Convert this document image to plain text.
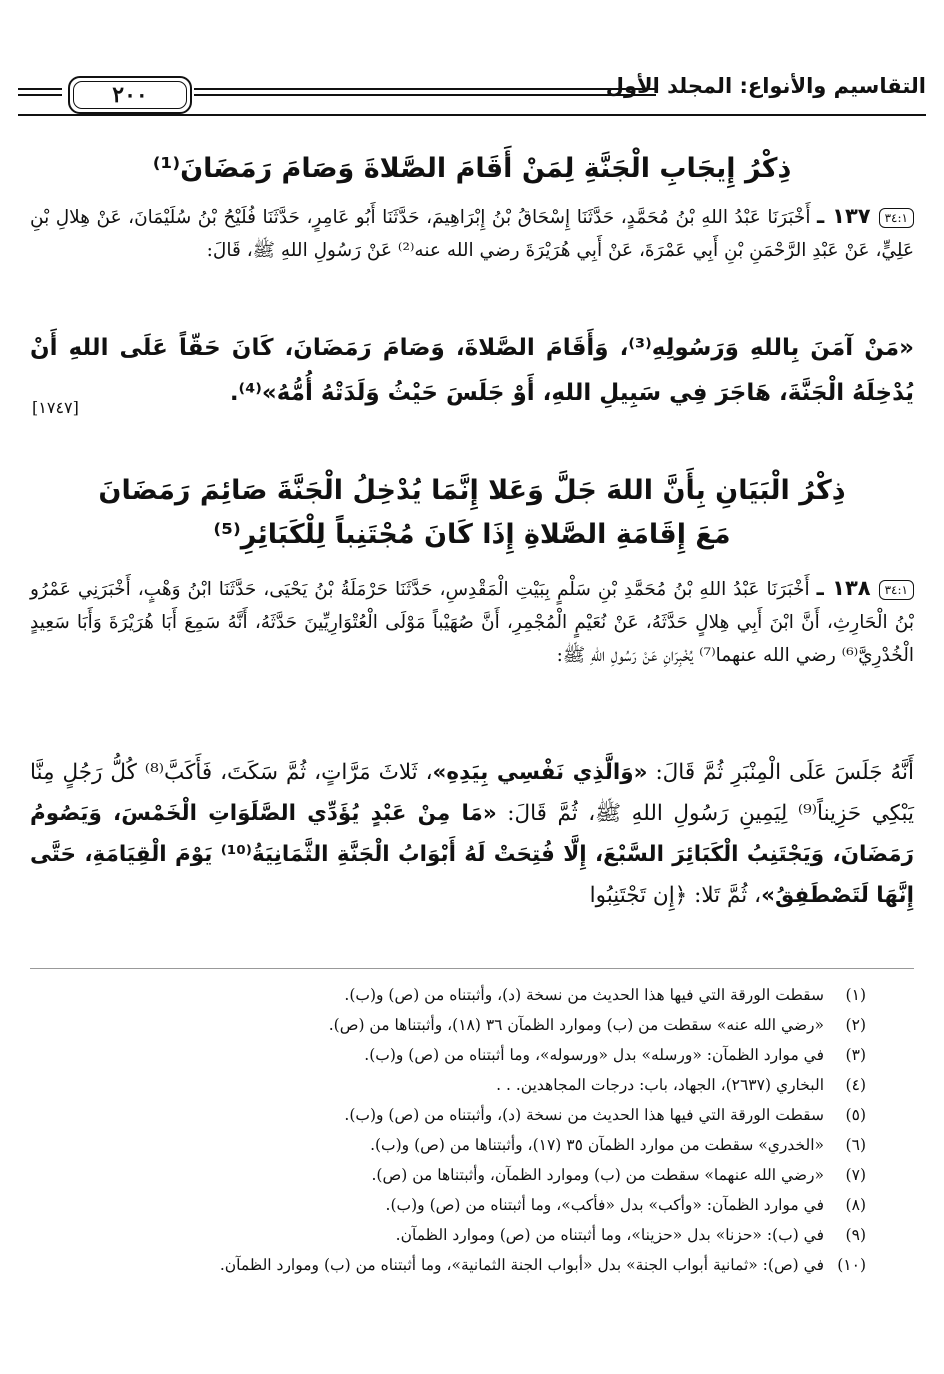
التقاسيم والأنواع: المجلد الأول
٢٠٠
ذِكْرُ إِيجَابِ الْجَنَّةِ لِمَنْ أَقَامَ الصَّلاةَ وَصَامَ رَمَضَانَ⁽¹⁾
٣٤:١١٣٧ ـ أَخْبَرَنَا عَبْدُ اللهِ بْنُ مُحَمَّدٍ، حَدَّثَنَا إِسْحَاقُ بْنُ إِبْرَاهِيمَ، حَدَّثَنَا أَبُو عَامِرٍ، حَدَّثَنَا فُلَيْحُ بْنُ سُلَيْمَانَ، عَنْ هِلالِ بْنِ عَلِيٍّ، عَنْ عَبْدِ الرَّحْمَنِ بْنِ أَبِي عَمْرَةَ، عَنْ أَبِي هُرَيْرَةَ رضي الله عنه⁽²⁾ عَنْ رَسُولِ اللهِ ﷺ، قَالَ:
«مَنْ آمَنَ بِاللهِ وَرَسُولِهِ⁽³⁾، وَأَقَامَ الصَّلاةَ، وَصَامَ رَمَضَانَ، كَانَ حَقّاً عَلَى اللهِ أَنْ يُدْخِلَهُ الْجَنَّةَ، هَاجَرَ فِي سَبِيلِ اللهِ، أَوْ جَلَسَ حَيْثُ وَلَدَتْهُ أُمُّهُ»⁽⁴⁾.
[١٧٤٧]
ذِكْرُ الْبَيَانِ بِأَنَّ اللهَ جَلَّ وَعَلا إِنَّمَا يُدْخِلُ الْجَنَّةَ صَائِمَ رَمَضَانَ
مَعَ إِقَامَةِ الصَّلاةِ إِذَا كَانَ مُجْتَنِباً لِلْكَبَائِرِ⁽⁵⁾
٣٤:١١٣٨ ـ أَخْبَرَنَا عَبْدُ اللهِ بْنُ مُحَمَّدِ بْنِ سَلْمٍ بِبَيْتِ الْمَقْدِسِ، حَدَّثَنَا حَرْمَلَةُ بْنُ يَحْيَى، حَدَّثَنَا ابْنُ وَهْبٍ، أَخْبَرَنِي عَمْرُو بْنُ الْحَارِثِ، أَنَّ ابْنَ أَبِي هِلالٍ حَدَّثَهُ، عَنْ نُعَيْمٍ الْمُجْمِرِ، أَنَّ صُهَيْباً مَوْلَى الْعُتْوَارِيِّينَ حَدَّثَهُ، أَنَّهُ سَمِعَ أَبَا هُرَيْرَةَ وَأَبَا سَعِيدٍ الْخُدْرِيَّ⁽⁶⁾ رضي الله عنهما⁽⁷⁾ يُخْبِرَانِ عَنْ رَسُولِ اللهِ ﷺ:
أَنَّهُ جَلَسَ عَلَى الْمِنْبَرِ ثُمَّ قَالَ: «وَالَّذِي نَفْسِي بِيَدِهِ»، ثَلاثَ مَرَّاتٍ، ثُمَّ سَكَتَ، فَأَكَبَّ⁽⁸⁾ كُلُّ رَجُلٍ مِنَّا يَبْكِي حَزِيناً⁽⁹⁾ لِيَمِينِ رَسُولِ اللهِ ﷺ، ثُمَّ قَالَ: «مَا مِنْ عَبْدٍ يُؤَدِّي الصَّلَوَاتِ الْخَمْسَ، وَيَصُومُ رَمَضَانَ، وَيَجْتَنِبُ الْكَبَائِرَ السَّبْعَ، إِلَّا فُتِحَتْ لَهُ أَبْوَابُ الْجَنَّةِ الثَّمَانِيَةُ⁽¹⁰⁾ يَوْمَ الْقِيَامَةِ، حَتَّى إِنَّهَا لَتَصْطَفِقُ»، ثُمَّ تَلا: ﴿إِن تَجْتَنِبُوا
(١)سقطت الورقة التي فيها هذا الحديث من نسخة (د)، وأثبتناه من (ص) و(ب).
(٢)«رضي الله عنه» سقطت من (ب) وموارد الظمآن ٣٦ (١٨)، وأثبتناها من (ص).
(٣)في موارد الظمآن: «ورسله» بدل «ورسوله»، وما أثبتناه من (ص) و(ب).
(٤)البخاري (٢٦٣٧)، الجهاد، باب: درجات المجاهدين. . .
(٥)سقطت الورقة التي فيها هذا الحديث من نسخة (د)، وأثبتناه من (ص) و(ب).
(٦)«الخدري» سقطت من موارد الظمآن ٣٥ (١٧)، وأثبتناها من (ص) و(ب).
(٧)«رضي الله عنهما» سقطت من (ب) وموارد الظمآن، وأثبتناها من (ص).
(٨)في موارد الظمآن: «وأكب» بدل «فأكب»، وما أثبتناه من (ص) و(ب).
(٩)في (ب): «حزنا» بدل «حزينا»، وما أثبتناه من (ص) وموارد الظمآن.
(١٠)في (ص): «ثمانية أبواب الجنة» بدل «أبواب الجنة الثمانية»، وما أثبتناه من (ب) وموارد الظمآن.
